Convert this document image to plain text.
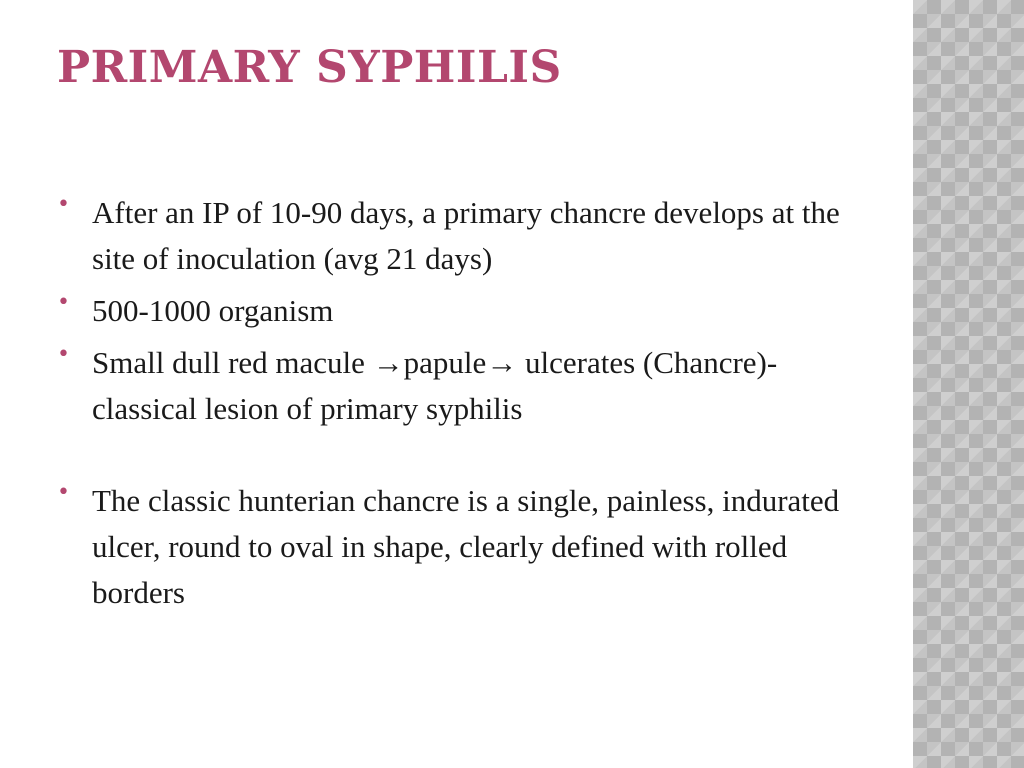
PRIMARY SYPHILIS
• After an IP of 10-90 days, a primary chancre develops at the site of inoculation (avg 21 days)
• 500-1000 organism
• Small dull red macule →papule→ ulcerates (Chancre)- classical lesion of primary syphilis
• The classic hunterian chancre is a single, painless, indurated ulcer, round to oval in shape, clearly defined with rolled borders
